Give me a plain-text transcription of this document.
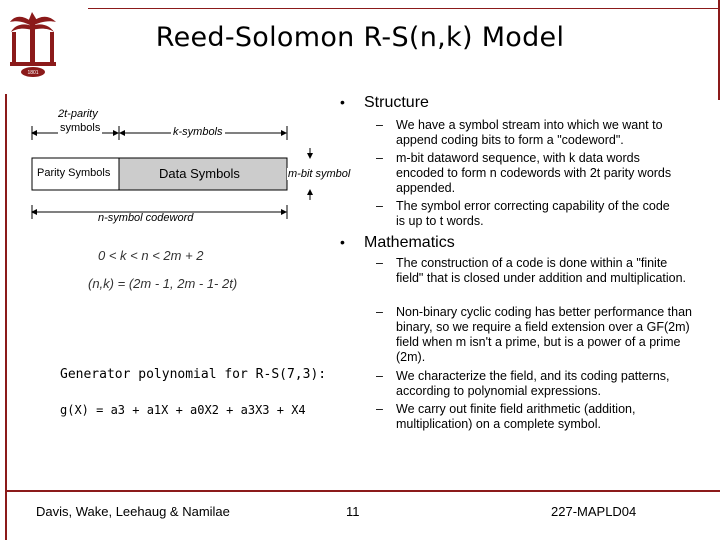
1801
Reed-Solomon R-S(n,k) Model
2t-parity
symbols	k-symbols
Parity Symbols	Data Symbols	m-bit symbol
n-symbol codeword
0 < k < n < 2m + 2
(n,k) = (2m - 1, 2m - 1- 2t)
Generator polynomial for R-S(7,3):
g(X) = a3 + a1X + a0X2 + a3X3 + X4
• Structure
– We have a symbol stream into which we want to append coding bits to form a "codeword".
– m-bit dataword sequence, with k data words encoded to form n codewords with 2t parity words appended.
– The symbol error correcting capability of the code is up to t words.
• Mathematics
– The construction of a code is done within a "finite field" that is closed under addition and multiplication.
– Non-binary cyclic coding has better performance than binary, so we require a field extension over a GF(2m) field when m isn't a prime, but is a power of a prime (2m).
– We characterize the field, and its coding patterns, according to polynomial expressions.
– We carry out finite field arithmetic (addition, multiplication) on a complete symbol.
Davis, Wake, Leehaug & Namilae	11	227-MAPLD04
